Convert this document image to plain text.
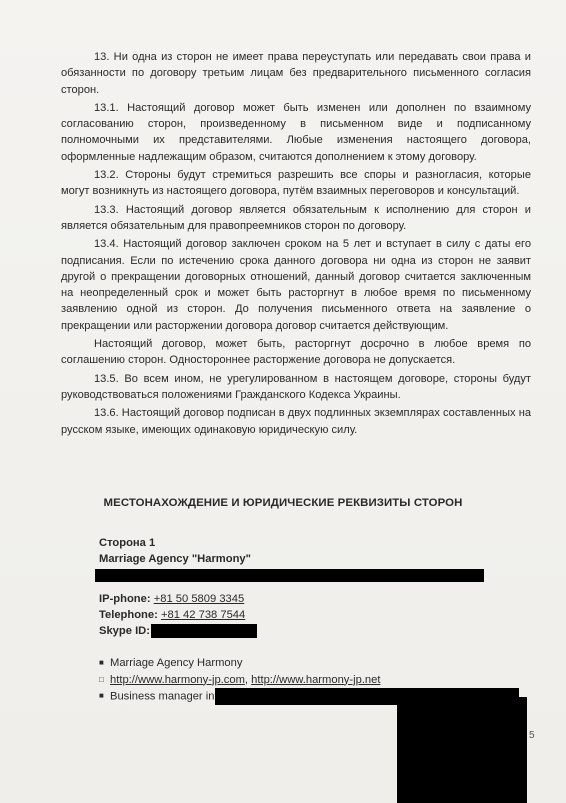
13. Ни одна из сторон не имеет права переуступать или передавать свои права и обязанности по договору третьим лицам без предварительного письменного согласия сторон.

13.1. Настоящий договор может быть изменен или дополнен по взаимному согласованию сторон, произведенному в письменном виде и подписанному полномочными их представителями. Любые изменения настоящего договора, оформленные надлежащим образом, считаются дополнением к этому договору.

13.2. Стороны будут стремиться разрешить все споры и разногласия, которые могут возникнуть из настоящего договора, путём взаимных переговоров и консультаций.

13.3. Настоящий договор является обязательным к исполнению для сторон и является обязательным для правопреемников сторон по договору.

13.4. Настоящий договор заключен сроком на 5 лет и вступает в силу с даты его подписания. Если по истечению срока данного договора ни одна из сторон не заявит другой о прекращении договорных отношений, данный договор считается заключенным на неопределенный срок и может быть расторгнут в любое время по письменному заявлению одной из сторон. До получения письменного ответа на заявление о прекращении или расторжении договора договор считается действующим.

Настоящий договор, может быть, расторгнут досрочно в любое время по соглашению сторон. Одностороннее расторжение договора не допускается.

13.5. Во всем ином, не урегулированном в настоящем договоре, стороны будут руководствоваться положениями Гражданского Кодекса Украины.

13.6. Настоящий договор подписан в двух подлинных экземплярах составленных на русском языке, имеющих одинаковую юридическую силу.

МЕСТОНАХОЖДЕНИЕ И ЮРИДИЧЕСКИЕ РЕКВИЗИТЫ СТОРОН
Сторона 1
Marriage Agency "Harmony"
IP-phone: +81 50 5809 3345
Telephone: +81 42 738 7544
Skype ID:
■ Marriage Agency Harmony
□ http://www.harmony-jp.com, http://www.harmony-jp.net
■ Business manager in
5
